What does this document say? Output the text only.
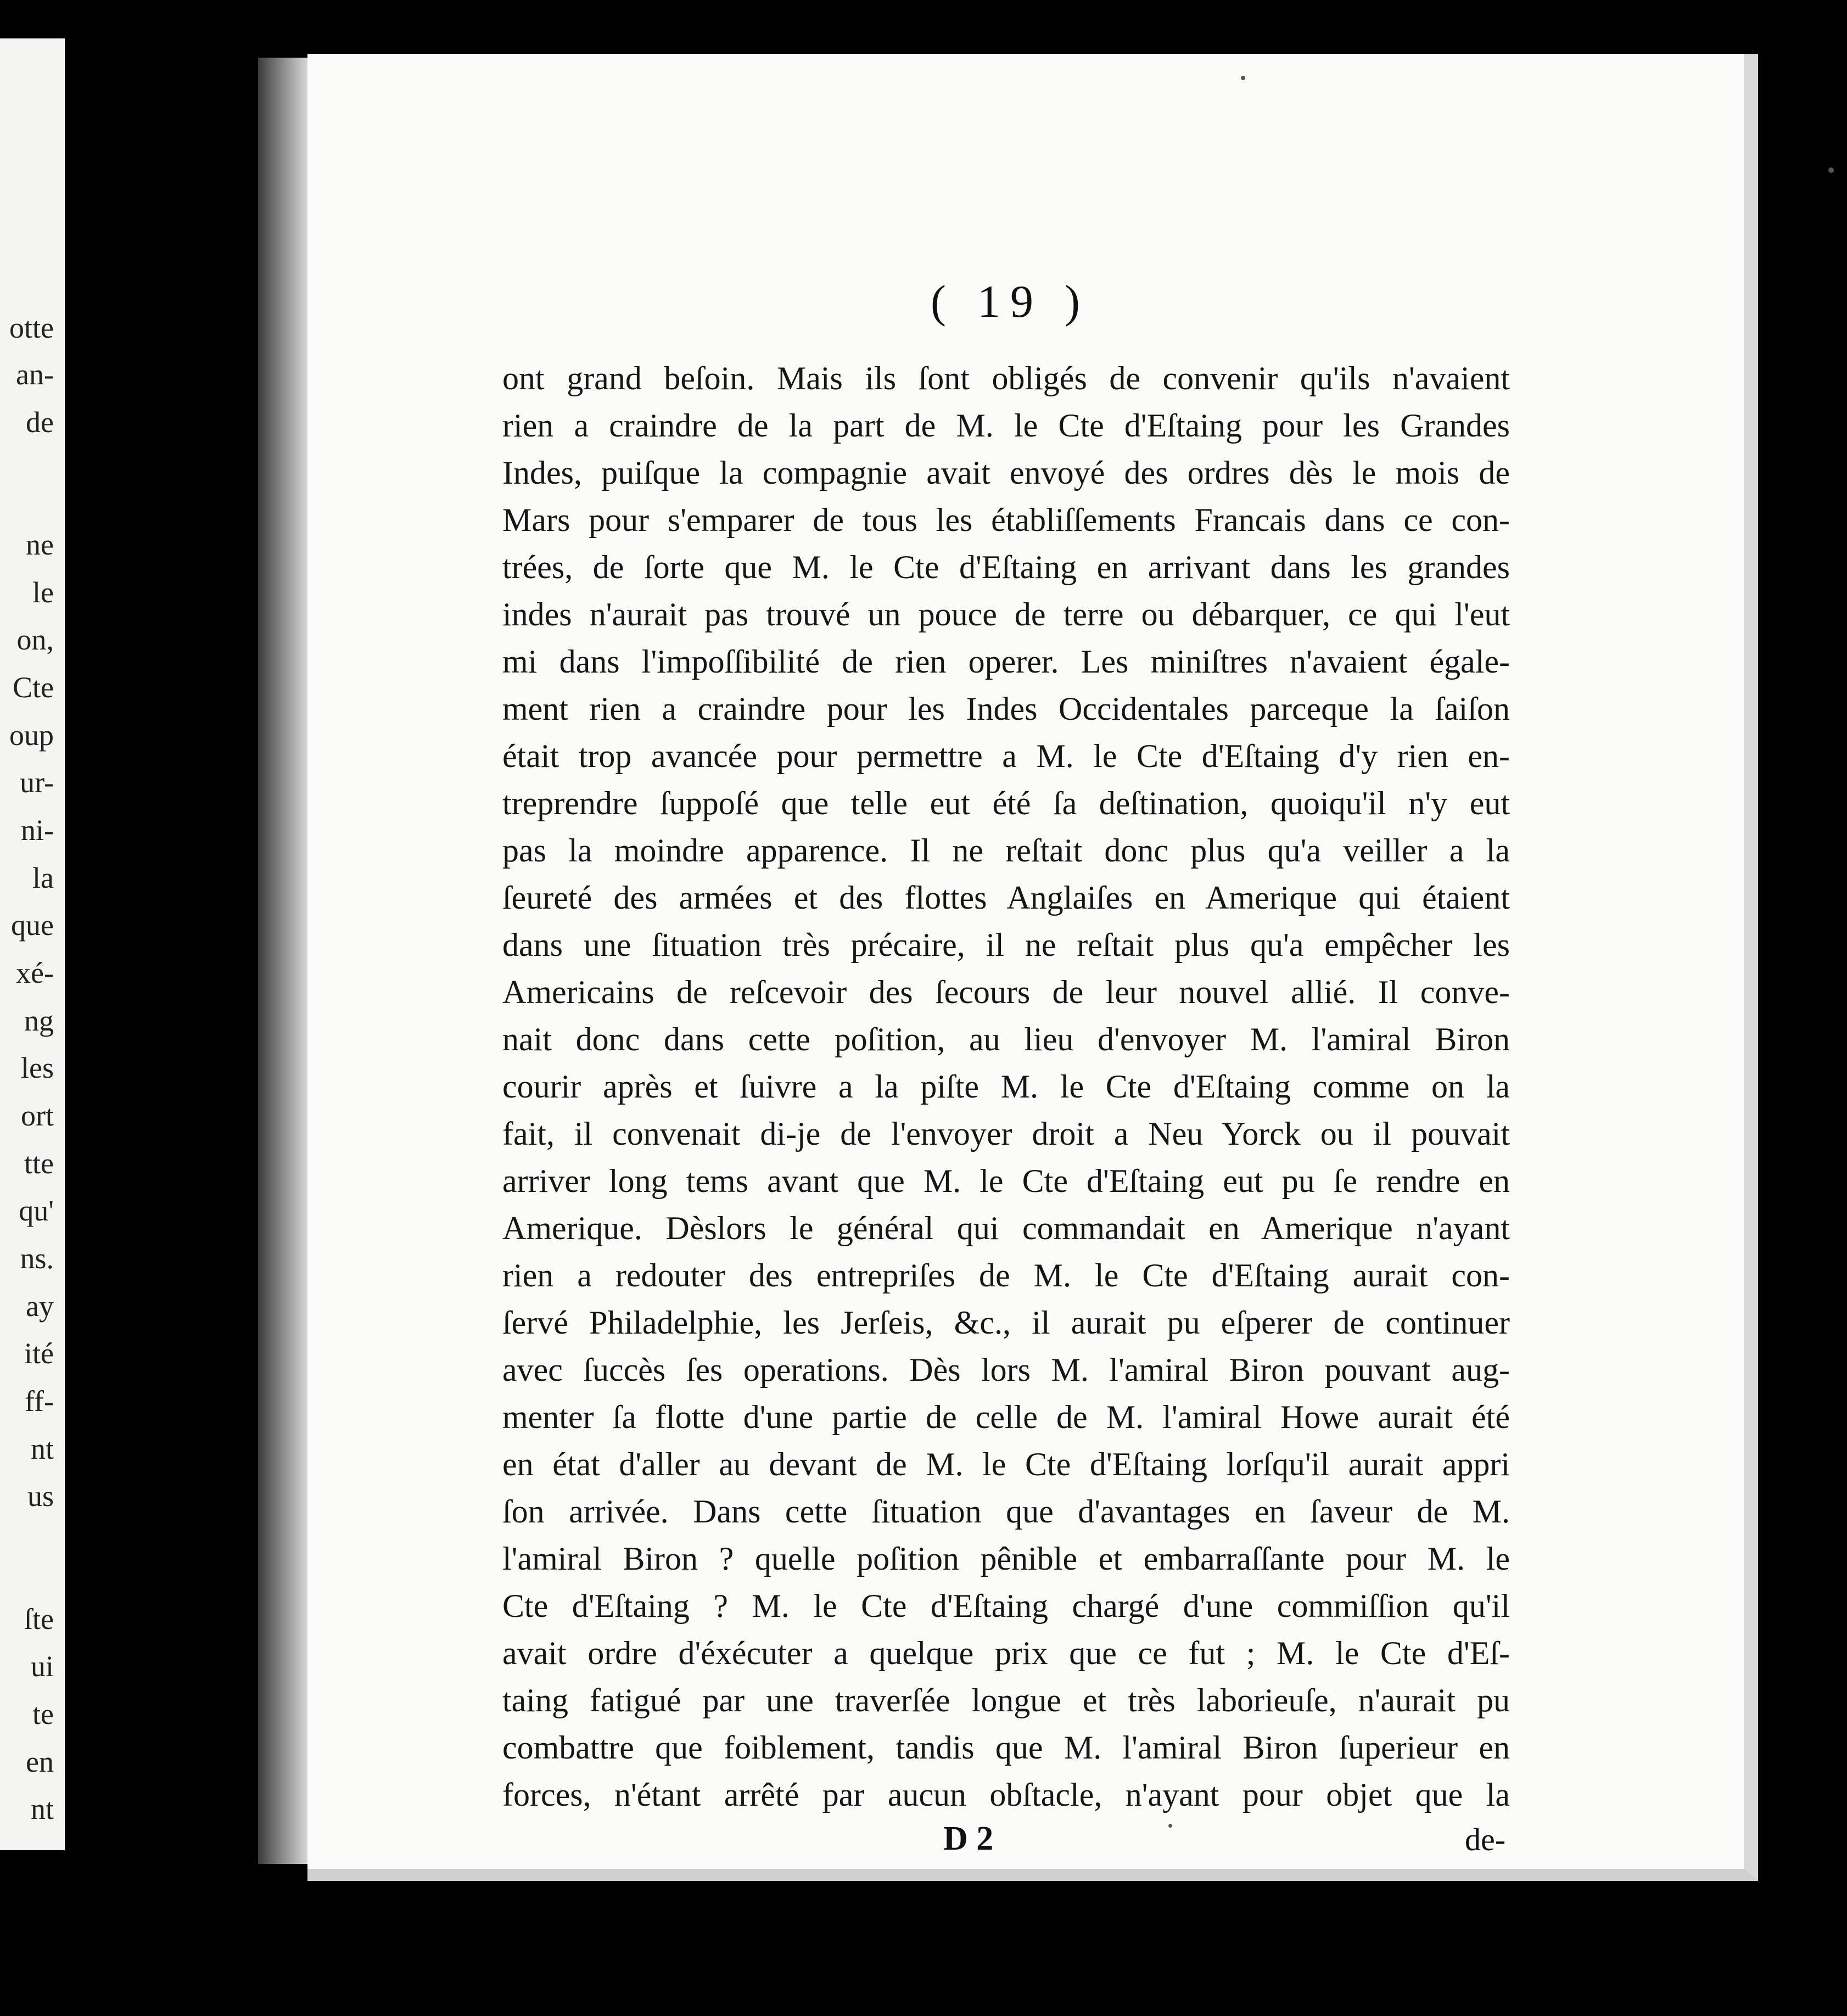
otte
an-
de
ne
le
on,
Cte
oup
ur-
ni-
la
que
xé-
ng
les
ort
tte
qu'
ns.
ay
ité
ff-
nt
us
ſte
ui
te
en
nt
( 19 )
ont grand beſoin. Mais ils ſont obligés de convenir qu'ils n'avaient
rien a craindre de la part de M. le Cte d'Eſtaing pour les Grandes
Indes, puiſque la compagnie avait envoyé des ordres dès le mois de
Mars pour s'emparer de tous les établiſſements Francais dans ce con-
trées, de ſorte que M. le Cte d'Eſtaing en arrivant dans les grandes
indes n'aurait pas trouvé un pouce de terre ou débarquer, ce qui l'eut
mi dans l'impoſſibilité de rien operer. Les miniſtres n'avaient égale-
ment rien a craindre pour les Indes Occidentales parceque la ſaiſon
était trop avancée pour permettre a M. le Cte d'Eſtaing d'y rien en-
treprendre ſuppoſé que telle eut été ſa deſtination, quoiqu'il n'y eut
pas la moindre apparence. Il ne reſtait donc plus qu'a veiller a la
ſeureté des armées et des flottes Anglaiſes en Amerique qui étaient
dans une ſituation très précaire, il ne reſtait plus qu'a empêcher les
Americains de reſcevoir des ſecours de leur nouvel allié. Il conve-
nait donc dans cette poſition, au lieu d'envoyer M. l'amiral Biron
courir après et ſuivre a la piſte M. le Cte d'Eſtaing comme on la
fait, il convenait di-je de l'envoyer droit a Neu Yorck ou il pouvait
arriver long tems avant que M. le Cte d'Eſtaing eut pu ſe rendre en
Amerique. Dèslors le général qui commandait en Amerique n'ayant
rien a redouter des entrepriſes de M. le Cte d'Eſtaing aurait con-
ſervé Philadelphie, les Jerſeis, &c., il aurait pu eſperer de continuer
avec ſuccès ſes operations. Dès lors M. l'amiral Biron pouvant aug-
menter ſa flotte d'une partie de celle de M. l'amiral Howe aurait été
en état d'aller au devant de M. le Cte d'Eſtaing lorſqu'il aurait appri
ſon arrivée. Dans cette ſituation que d'avantages en ſaveur de M.
l'amiral Biron ? quelle poſition pênible et embarraſſante pour M. le
Cte d'Eſtaing ? M. le Cte d'Eſtaing chargé d'une commiſſion qu'il
avait ordre d'éxécuter a quelque prix que ce fut ; M. le Cte d'Eſ-
taing fatigué par une traverſée longue et très laborieuſe, n'aurait pu
combattre que foiblement, tandis que M. l'amiral Biron ſuperieur en
forces, n'étant arrêté par aucun obſtacle, n'ayant pour objet que la
D 2	de-
